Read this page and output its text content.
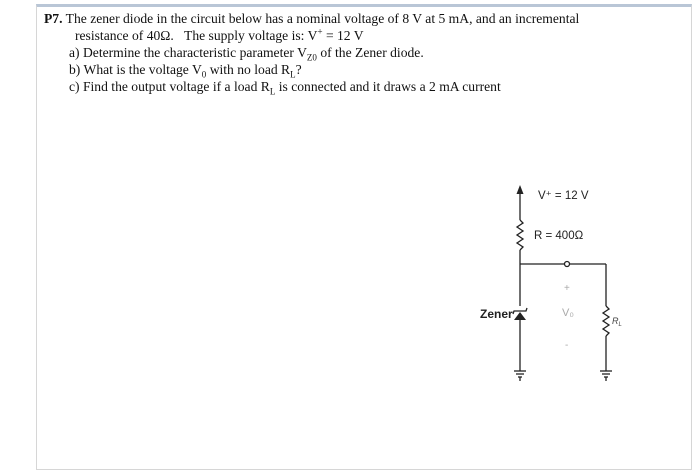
P7. The zener diode in the circuit below has a nominal voltage of 8 V at 5 mA, and an incremental
resistance of 40Ω. The supply voltage is: V+ = 12 V
a) Determine the characteristic parameter $V_{Z0}$ of the Zener diode.
b) What is the voltage $V_0$ with no load $R_L$?
c) Find the output voltage if a load $R_L$ is connected and it draws a 2 mA current
V⁺ = 12 V
R = 400Ω
Zener
+
V₀
-
$R_L$
